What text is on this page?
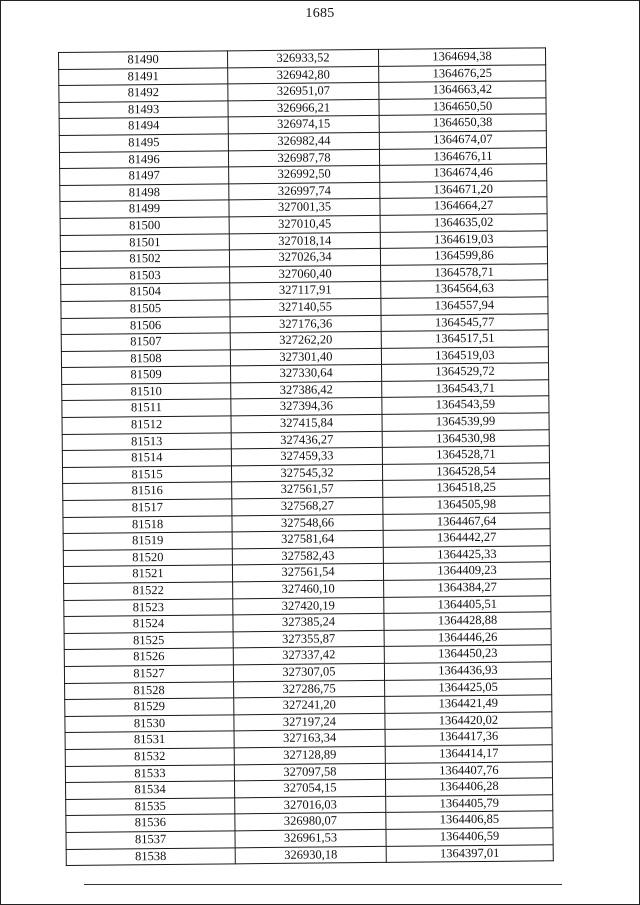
1685
81490	326933,52	1364694,38
81491	326942,80	1364676,25
81492	326951,07	1364663,42
81493	326966,21	1364650,50
81494	326974,15	1364650,38
81495	326982,44	1364674,07
81496	326987,78	1364676,11
81497	326992,50	1364674,46
81498	326997,74	1364671,20
81499	327001,35	1364664,27
81500	327010,45	1364635,02
81501	327018,14	1364619,03
81502	327026,34	1364599,86
81503	327060,40	1364578,71
81504	327117,91	1364564,63
81505	327140,55	1364557,94
81506	327176,36	1364545,77
81507	327262,20	1364517,51
81508	327301,40	1364519,03
81509	327330,64	1364529,72
81510	327386,42	1364543,71
81511	327394,36	1364543,59
81512	327415,84	1364539,99
81513	327436,27	1364530,98
81514	327459,33	1364528,71
81515	327545,32	1364528,54
81516	327561,57	1364518,25
81517	327568,27	1364505,98
81518	327548,66	1364467,64
81519	327581,64	1364442,27
81520	327582,43	1364425,33
81521	327561,54	1364409,23
81522	327460,10	1364384,27
81523	327420,19	1364405,51
81524	327385,24	1364428,88
81525	327355,87	1364446,26
81526	327337,42	1364450,23
81527	327307,05	1364436,93
81528	327286,75	1364425,05
81529	327241,20	1364421,49
81530	327197,24	1364420,02
81531	327163,34	1364417,36
81532	327128,89	1364414,17
81533	327097,58	1364407,76
81534	327054,15	1364406,28
81535	327016,03	1364405,79
81536	326980,07	1364406,85
81537	326961,53	1364406,59
81538	326930,18	1364397,01
